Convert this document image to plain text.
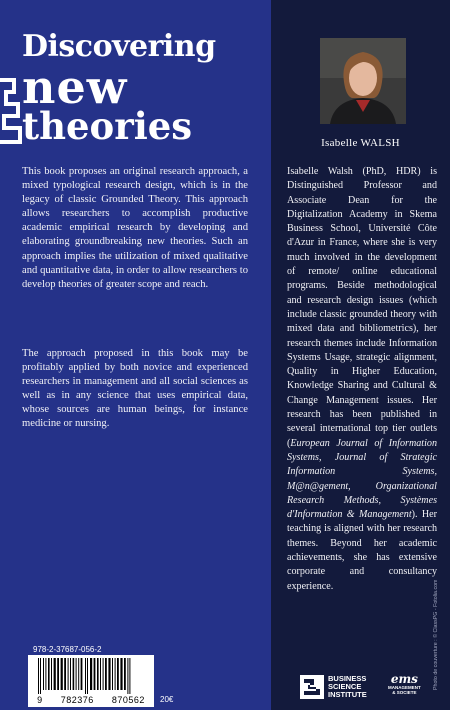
Discovering
new
theories
This book proposes an original research approach, a mixed typological research design, which is in the legacy of classic Grounded Theory. This approach allows researchers to accomplish productive academic empirical research by developing and elaborating groundbreaking new theories. Such an approach implies the utilization of mixed qualitative and quantitative data, in order to allow researchers to develop theories of greater scope and reach.
The approach proposed in this book may be profitably applied by both novice and experienced researchers in management and all social sciences as well as in any science that uses empirical data, whose sources are human beings, for instance medicine or nursing.
978-2-37687-056-2
9 782376 870562 20€
Isabelle WALSH
Isabelle Walsh (PhD, HDR) is Distinguished Professor and Associate Dean for the Digitalization Academy in Skema Business School, Université Côte d'Azur in France, where she is very much involved in the development of remote/ online educational programs. Beside methodological and research design issues (which include classic grounded theory with mixed data and bibliometrics), her research themes include Information Systems Usage, strategic alignment, Quality in Higher Education, Knowledge Sharing and Cultural & Change Management issues. Her research has been published in several international top tier outlets (European Journal of Information Systems, Journal of Strategic Information Systems, M@n@gement, Organizational Research Methods, Systèmes d'Information & Management). Her teaching is aligned with her research themes. Beyond her academic achievements, she has extensive corporate and consultancy experience.	Photo de couverture : © ClassPG - Fotolia.com
BUSINESS
SCIENCE
INSTITUTE
ems
MANAGEMENT
& SOCIETE
